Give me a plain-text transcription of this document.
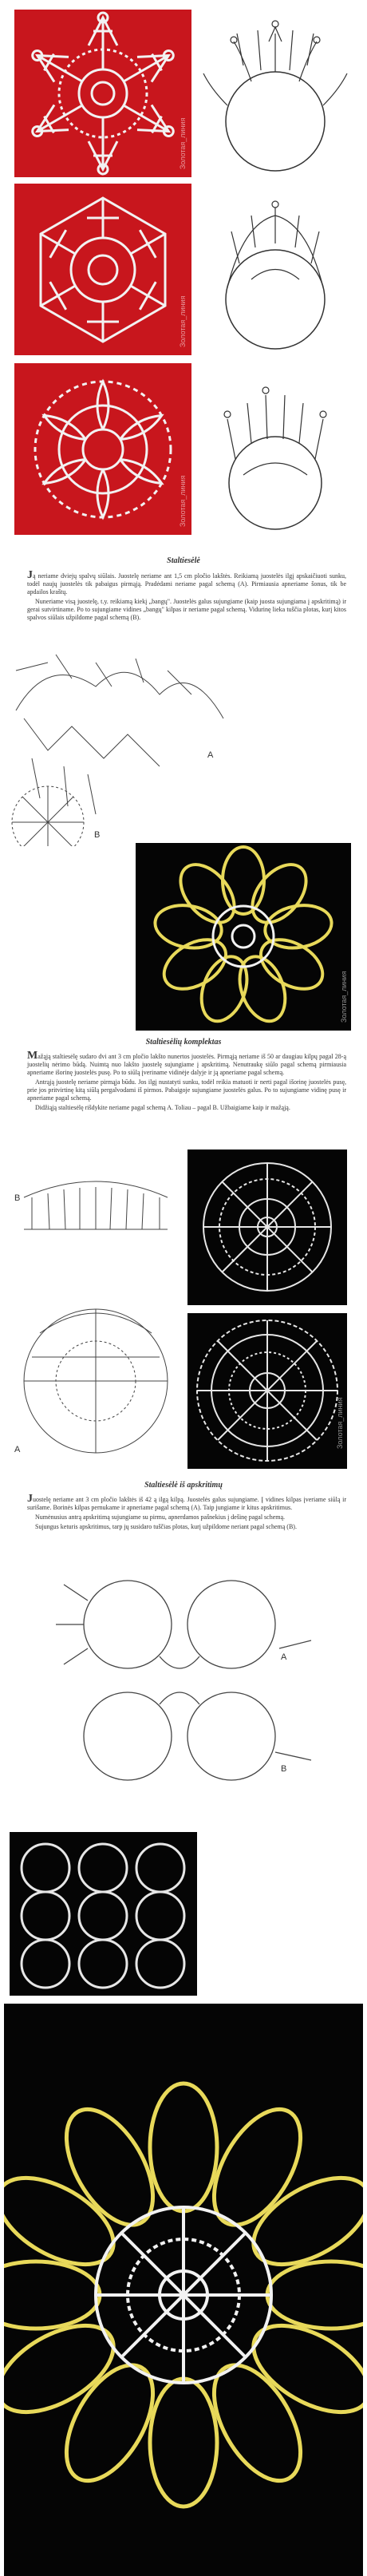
Золотая_линия
Золотая_линия
Золотая_линия
Staltiesėlė

Ją neriame dviejų spalvų siūlais. Juostelę neriame ant 1,5 cm pločio lakštės. Reikiamą juostelės ilgį apskaičiuoti sunku, todėl naujų juostelės tik pabaigus pirmąją. Pradėdami neriame pagal schemą (A). Pirmiausia apneriame šonus, tik be apdailos kraštų.

Nuneriame visą juostelę, t.y. reikiamą kiekį „bangų". Juostelės galus sujungiame (kaip juosta sujungiama į apskritimą) ir gerai sutvirtiname. Po to sujungiame vidines „bangų" kilpas ir neriame pagal schemą. Vidurinę lieka tuščia plotas, kurį kitos spalvos siūlais užpildome pagal schemą (B).

A
B
Золотая_линия
Staltiesėlių komplektas

Mažąją staltiesėlę sudaro dvi ant 3 cm pločio lakšto nunertos juostelės. Pirmąją neriame iš 50 ar daugiau kilpų pagal 28-ą juostelių nėrimo būdą. Nuimtą nuo lakšto juostelę sujungiame į apskritimą. Nenutraukę siūlo pagal schemą pirmiausia apneriame išorinę juostelės pusę. Po to siūlą įveriname vidinėje dalyje ir ją apneriame pagal schemą.

Antrąją juostelę neriame pirmąja būdu. Jos ilgį nustatyti sunku, todėl reikia matuoti ir nerti pagal išorinę juostelės pusę, prie jos pritvirtinę kitą siūlą pergalvodami iš pirmos. Pabaigoje sujungiame juostelės galus. Po to sujungiame vidinę pusę ir apneriame pagal schemą.

Didžiąją staltiesėlę rišdykite neriame pagal schemą A. Toliau – pagal B. Užbaigiame kaip ir mažąją.

B
A
Золотая_линия
Staltiesėlė iš apskritimų

Juostelę neriame ant 3 cm pločio lakštės iš 42 ą ilgą kilpą. Juostelės galus sujungiame. Į vidines kilpas įveriame siūlą ir surišame. Borinės kilpas pernukame ir apneriame pagal schemą (A). Taip jungiame ir kitus apskritimus.

Numėnusius antrą apskritimą sujungiame su pirmu, apnerdamos pašnekius į dešinę pagal schemą.

Sujungus keturis apskritimus, tarp jų susidaro tuščias plotas, kurį užpildome neriant pagal schemą (B).

A
B
